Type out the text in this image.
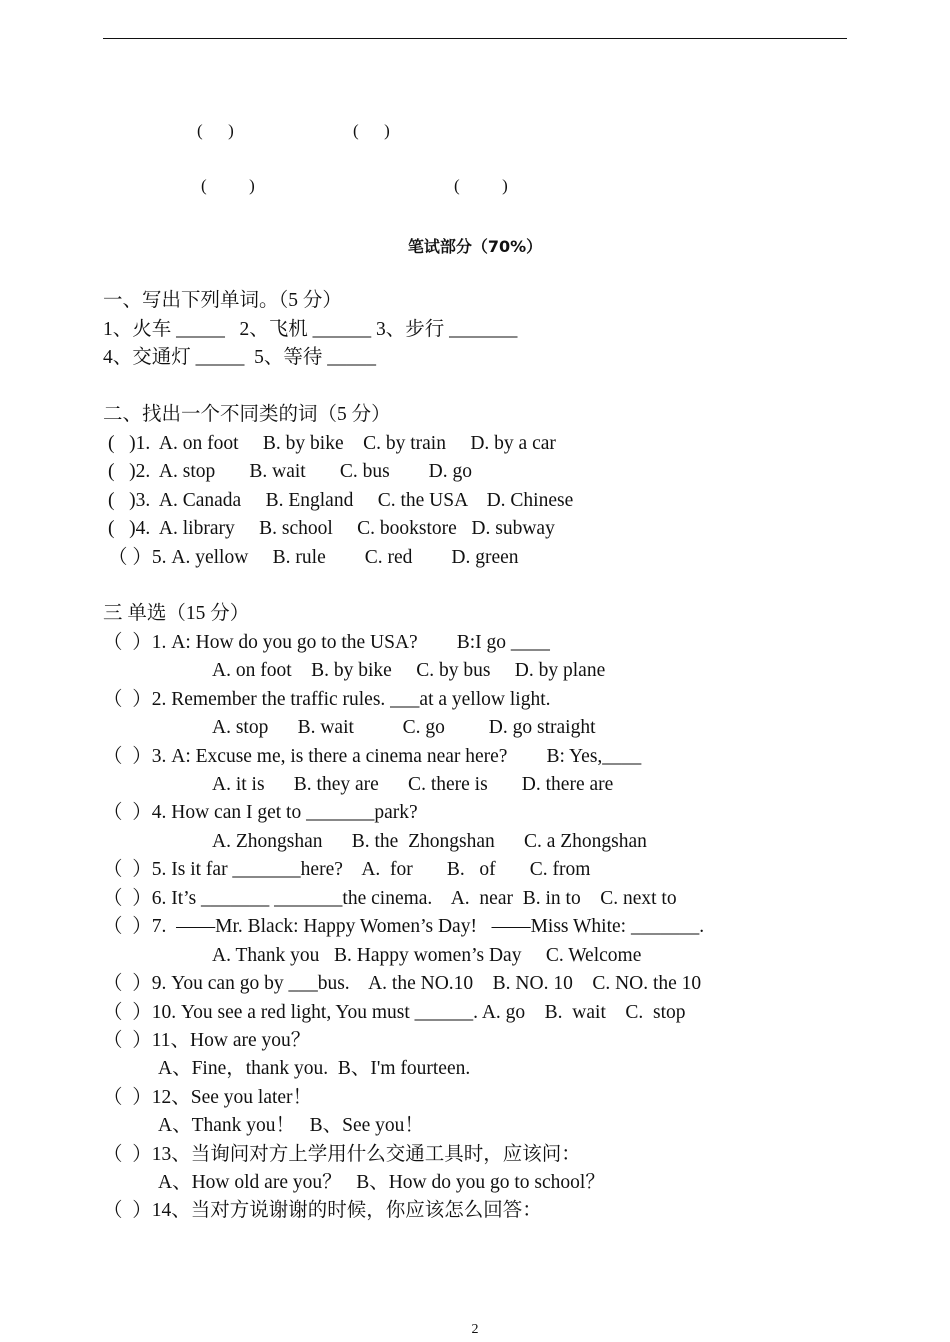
(      )	(      )
(          )	(          )
笔试部分（70%）
一、写出下列单词。（5 分）
1、火车 _____   2、飞机 ______ 3、步行 _______
4、交通灯 _____  5、等待 _____
二、找出一个不同类的词（5 分）
(   )1.  A. on foot     B. by bike    C. by train     D. by a car
(   )2.  A. stop       B. wait       C. bus        D. go
(   )3.  A. Canada     B. England     C. the USA    D. Chinese
(   )4.  A. library     B. school     C. bookstore   D. subway
（ ）5. A. yellow     B. rule        C. red        D. green
三 单选（15 分）
（  ）1. A: How do you go to the USA?        B:I go ____
A. on foot    B. by bike     C. by bus     D. by plane
（  ）2. Remember the traffic rules. ___at a yellow light.
A. stop      B. wait          C. go         D. go straight
（  ）3. A: Excuse me, is there a cinema near here?        B: Yes,____
A. it is      B. they are      C. there is       D. there are
（  ）4. How can I get to _______park?
A. Zhongshan      B. the  Zhongshan      C. a Zhongshan
（  ）5. Is it far _______here?    A.  for       B.   of       C. from
（  ）6. It’s _______ _______the cinema.    A.  near  B. in to    C. next to
（  ）7.  ——Mr. Black: Happy Women’s Day!   ——Miss White: _______.
A. Thank you   B. Happy women’s Day     C. Welcome
（  ）9. You can go by ___bus.    A. the NO.10    B. NO. 10    C. NO. the 10
（  ）10. You see a red light, You must ______. A. go    B.  wait    C.  stop
（  ）11、How are you？
A、Fine，thank you.  B、I'm fourteen.
（  ）12、See you later！
A、Thank you！   B、See you！
（  ）13、当询问对方上学用什么交通工具时，应该问：
A、How old are you？   B、How do you go to school？
（  ）14、当对方说谢谢的时候，你应该怎么回答：
2
